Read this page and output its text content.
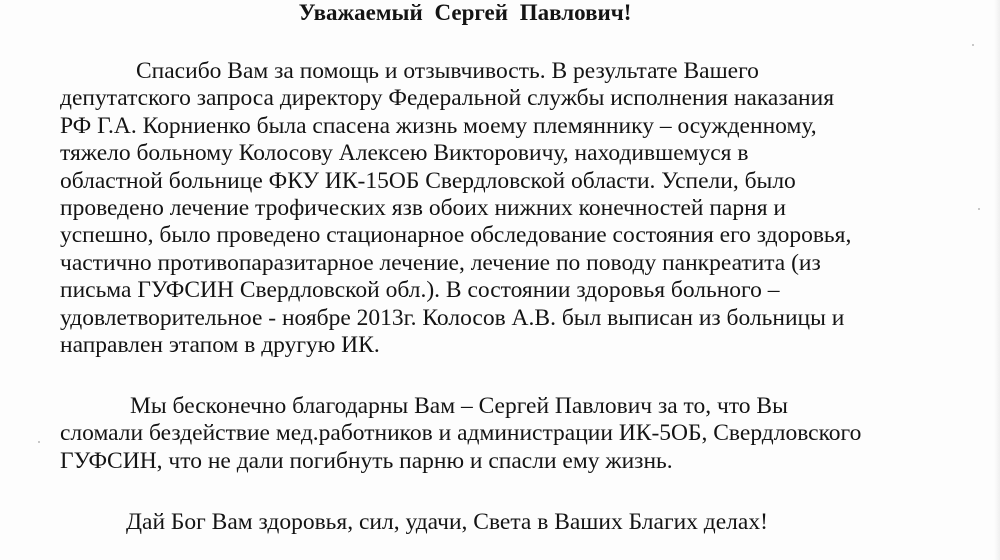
Уважаемый Сергей Павлович!

Спасибо Вам за помощь и отзывчивость. В результате Вашего
депутатского запроса директору Федеральной службы исполнения наказания
РФ Г.А. Корниенко была спасена жизнь моему племяннику – осужденному,
тяжело больному Колосову Алексею Викторовичу, находившемуся в
областной больнице ФКУ ИК-15ОБ Свердловской области. Успели, было
проведено лечение трофических язв обоих нижних конечностей парня и
успешно, было проведено стационарное обследование состояния его здоровья,
частично противопаразитарное лечение, лечение по поводу панкреатита (из
письма ГУФСИН Свердловской обл.). В состоянии здоровья больного –
удовлетворительное - ноябре 2013г. Колосов А.В. был выписан из больницы и
направлен этапом в другую ИК.

Мы бесконечно благодарны Вам – Сергей Павлович за то, что Вы
сломали бездействие мед.работников и администрации ИК-5ОБ, Свердловского
ГУФСИН, что не дали погибнуть парню и спасли ему жизнь.

Дай Бог Вам здоровья, сил, удачи, Света в Ваших Благих делах!
